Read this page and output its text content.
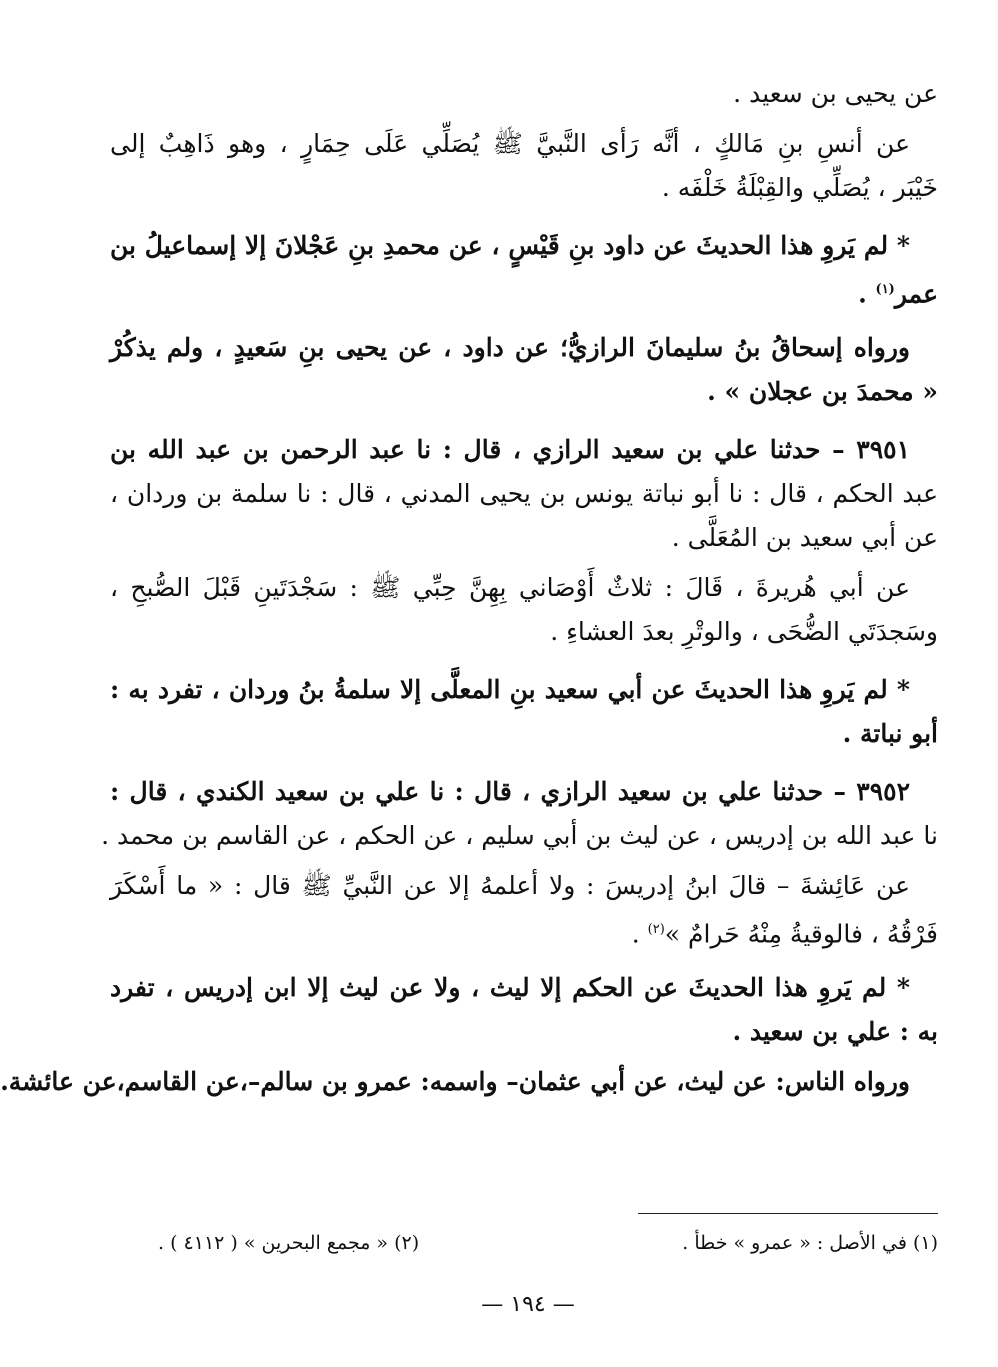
عن يحيى بن سعيد .
عن أنسِ بنِ مَالكٍ ، أنَّه رَأى النَّبيَّ ﷺ يُصَلِّي عَلَى حِمَارٍ ، وهو ذَاهِبٌ إلى
خَيْبَر ، يُصَلِّي والقِبْلَةُ خَلْفَه .
* لم يَروِ هذا الحديثَ عن داود بنِ قَيْسٍ ، عن محمدِ بنِ عَجْلانَ إلا إسماعيلُ بن
عمر$^{(١)}$ .
ورواه إسحاقُ بنُ سليمانَ الرازيُّ؛ عن داود ، عن يحيى بنِ سَعيدٍ ، ولم يذكُرْ
« محمدَ بن عجلان » .
٣٩٥١ – حدثنا علي بن سعيد الرازي ، قال : نا عبد الرحمن بن عبد الله بن
عبد الحكم ، قال : نا أبو نباتة يونس بن يحيى المدني ، قال : نا سلمة بن وردان ،
عن أبي سعيد بن المُعَلَّى .
عن أبي هُريرةَ ، قَالَ : ثلاثٌ أَوْصَاني بِهِنَّ حِبِّي ﷺ : سَجْدَتَينِ قَبْلَ الصُّبحِ ،
وسَجدَتَي الضُّحَى ، والوتْرِ بعدَ العشاءِ .
* لم يَروِ هذا الحديثَ عن أبي سعيد بنِ المعلَّى إلا سلمةُ بنُ وردان ، تفرد به :
أبو نباتة .
٣٩٥٢ – حدثنا علي بن سعيد الرازي ، قال : نا علي بن سعيد الكندي ، قال :
نا عبد الله بن إدريس ، عن ليث بن أبي سليم ، عن الحكم ، عن القاسم بن محمد .
عن عَائِشةَ – قالَ ابنُ إدريسَ : ولا أعلمهُ إلا عن النَّبيِّ ﷺ قال : « ما أَسْكَرَ
فَرْقُهُ ، فالوقيةُ مِنْهُ حَرامٌ »$^{(٢)}$ .
* لم يَروِ هذا الحديثَ عن الحكم إلا ليث ، ولا عن ليث إلا ابن إدريس ، تفرد
به : علي بن سعيد .
ورواه الناس: عن ليث، عن أبي عثمان– واسمه: عمرو بن سالم–،عن القاسم،عن عائشة.
(١) في الأصل : « عمرو » خطأ .
(٢) « مجمع البحرين » ( ٤١١٢ ) .
— ١٩٤ —
